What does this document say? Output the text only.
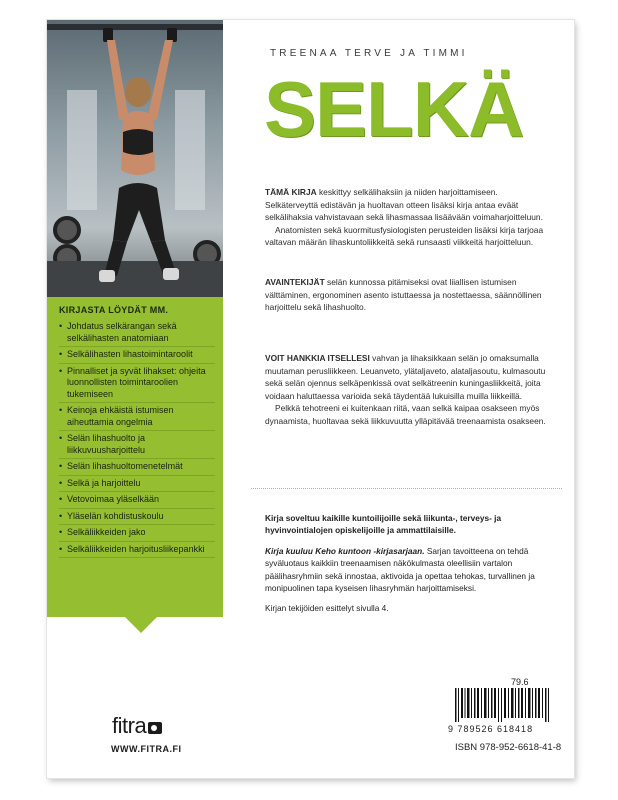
KIRJASTA LÖYDÄT MM.
• Johdatus selkärangan sekä selkälihasten anatomiaan
• Selkälihasten lihastoimintaroolit
• Pinnalliset ja syvät lihakset: ohjeita luonnollisten toimintaroolien tukemiseen
• Keinoja ehkäistä istumisen aiheuttamia ongelmia
• Selän lihashuolto ja liikkuvuusharjoittelu
• Selän lihashuoltomenetelmät
• Selkä ja harjoittelu
• Vetovoimaa yläselkään
• Yläselän kohdistuskoulu
• Selkäliikkeiden jako
• Selkäliikkeiden harjoitusliikepankki
fitra
WWW.FITRA.FI
TREENAA TERVE JA TIMMI
SELKÄ

TÄMÄ KIRJA keskittyy selkälihaksiin ja niiden harjoittamiseen. Selkäterveyttä edistävän ja huoltavan otteen lisäksi kirja antaa eväät selkälihaksia vahvistavaan sekä lihasmassaa lisäävään voimaharjoitteluun.

Anatomisten sekä kuormitusfysiologisten perusteiden lisäksi kirja tarjoaa valtavan määrän lihaskuntoliikkeitä sekä runsaasti viikkeitä harjoitteluun.

AVAINTEKIJÄT selän kunnossa pitämiseksi ovat liiallisen istumisen välttäminen, ergonominen asento istuttaessa ja nostettaessa, säännöllinen harjoittelu sekä lihashuolto.

VOIT HANKKIA ITSELLESI vahvan ja lihaksikkaan selän jo omaksumalla muutaman perusliikkeen. Leuanveto, ylätaljaveto, alataljasoutu, kulmasoutu sekä selän ojennus selkäpenkissä ovat selkätreenin kuningasliikkeitä, joita voidaan haluttaessa varioida sekä täydentää lukuisilla muilla liikkeillä.

Pelkkä tehotreeni ei kuitenkaan riitä, vaan selkä kaipaa osakseen myös dynaamista, huoltavaa sekä liikkuvuutta ylläpitävää treenaamista osakseen.

Kirja soveltuu kaikille kuntoilijoille sekä liikunta-, terveys- ja hyvinvointialojen opiskelijoille ja ammattilaisille.

Kirja kuuluu Keho kuntoon -kirjasarjaan. Sarjan tavoitteena on tehdä syväluotaus kaikkiin treenaamisen näkökulmasta oleellisiin vartalon päälihasryhmiin sekä innostaa, aktivoida ja opettaa tehokas, turvallinen ja monipuolinen tapa kyseisen lihasryhmän harjoittamiseksi.

Kirjan tekijöiden esittelyt sivulla 4.

79.6
9 789526 618418
ISBN 978-952-6618-41-8
